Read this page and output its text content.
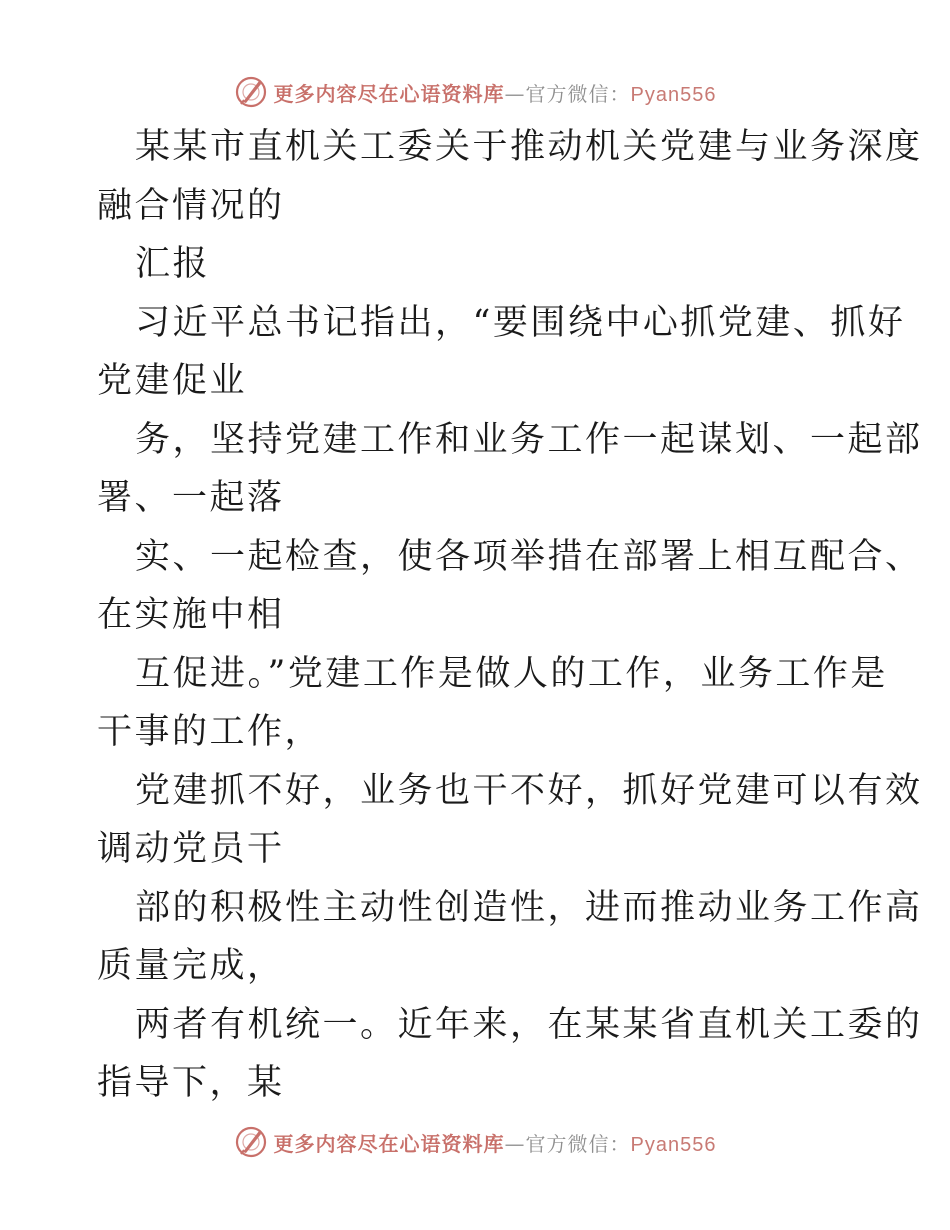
更多内容尽在心语资料库—官方微信：Pyan556
某某市直机关工委关于推动机关党建与业务深度
融合情况的
汇报
习近平总书记指出，“要围绕中心抓党建、抓好
党建促业
务，坚持党建工作和业务工作一起谋划、一起部
署、一起落
实、一起检查，使各项举措在部署上相互配合、
在实施中相
互促进。”党建工作是做人的工作，业务工作是
干事的工作，
党建抓不好，业务也干不好，抓好党建可以有效
调动党员干
部的积极性主动性创造性，进而推动业务工作高
质量完成，
两者有机统一。近年来，在某某省直机关工委的
指导下，某
更多内容尽在心语资料库—官方微信：Pyan556
